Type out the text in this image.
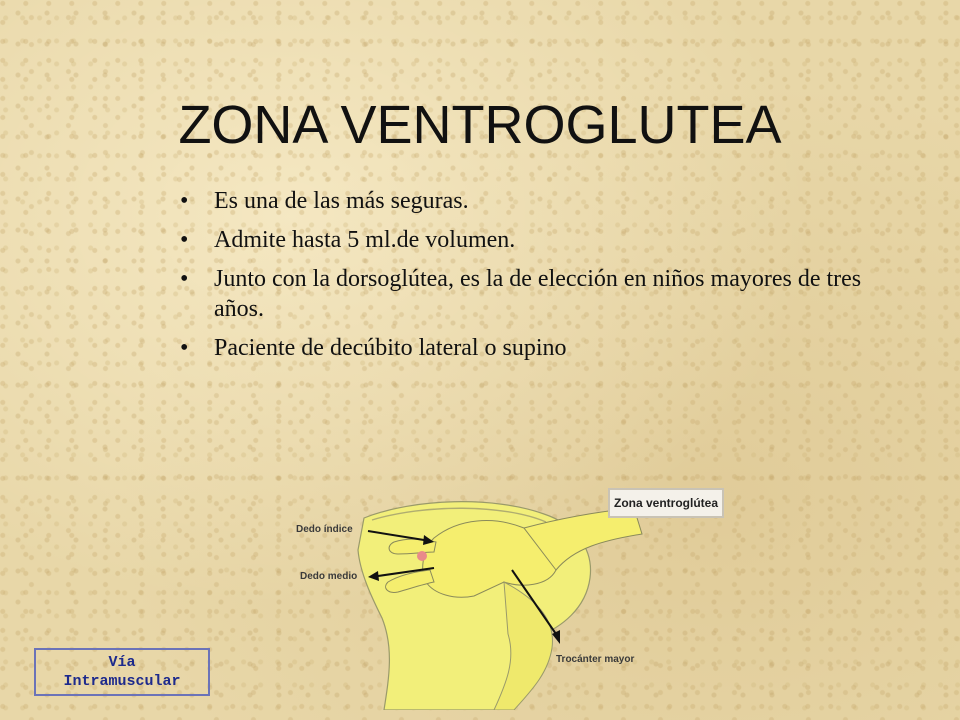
ZONA VENTROGLUTEA
• Es una de las más seguras.
• Admite hasta 5 ml.de volumen.
• Junto con la dorsoglútea, es la de elección en niños mayores de tres años.
• Paciente de decúbito lateral o supino
Dedo índice
Dedo medio
Trocánter mayor
Zona ventroglútea
Vía
Intramuscular
